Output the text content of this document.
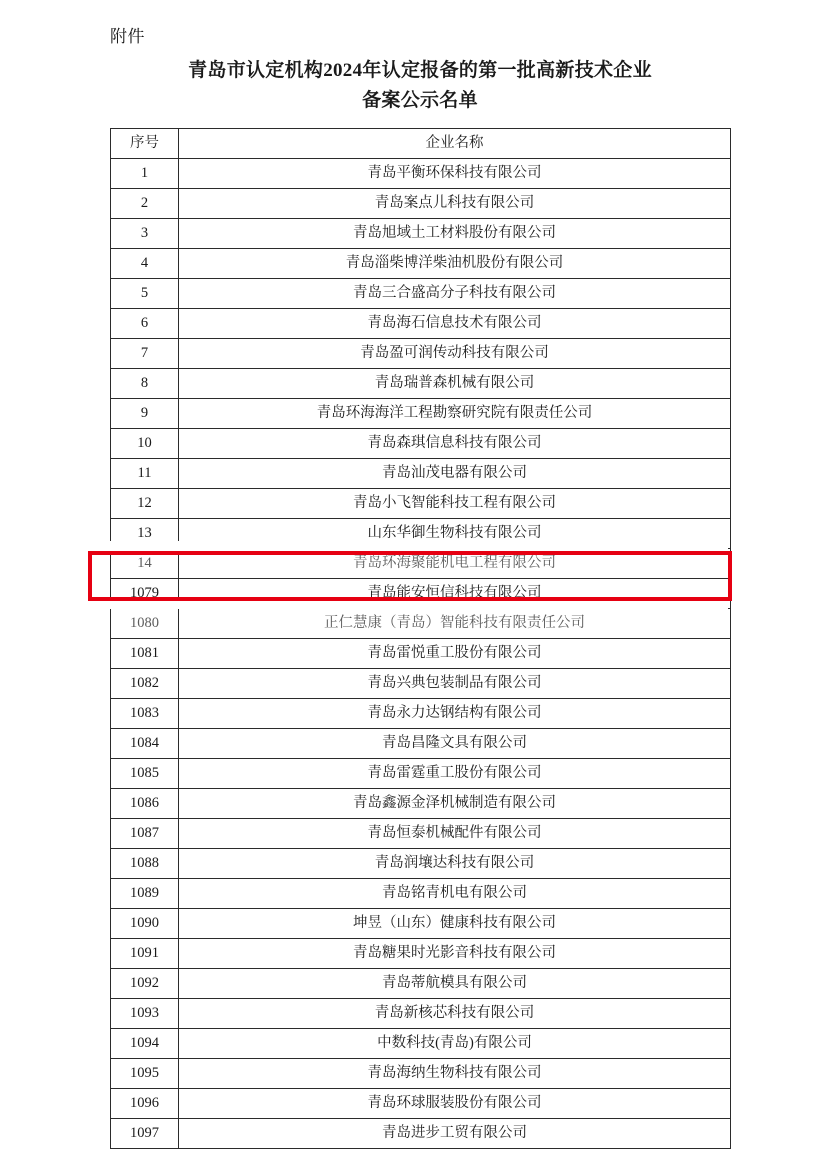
附件
青岛市认定机构2024年认定报备的第一批高新技术企业
备案公示名单
序号	企业名称
1	青岛平衡环保科技有限公司
2	青岛案点儿科技有限公司
3	青岛旭域土工材料股份有限公司
4	青岛淄柴博洋柴油机股份有限公司
5	青岛三合盛高分子科技有限公司
6	青岛海石信息技术有限公司
7	青岛盈可润传动科技有限公司
8	青岛瑞普森机械有限公司
9	青岛环海海洋工程勘察研究院有限责任公司
10	青岛森琪信息科技有限公司
11	青岛汕茂电器有限公司
12	青岛小飞智能科技工程有限公司
13	山东华御生物科技有限公司
14	青岛环海聚能机电工程有限公司
1079	青岛能安恒信科技有限公司
1080	正仁慧康（青岛）智能科技有限责任公司
1081	青岛雷悦重工股份有限公司
1082	青岛兴典包装制品有限公司
1083	青岛永力达钢结构有限公司
1084	青岛昌隆文具有限公司
1085	青岛雷霆重工股份有限公司
1086	青岛鑫源金泽机械制造有限公司
1087	青岛恒泰机械配件有限公司
1088	青岛润壤达科技有限公司
1089	青岛铭青机电有限公司
1090	坤昱（山东）健康科技有限公司
1091	青岛糖果时光影音科技有限公司
1092	青岛蒂航模具有限公司
1093	青岛新核芯科技有限公司
1094	中数科技(青岛)有限公司
1095	青岛海纳生物科技有限公司
1096	青岛环球服装股份有限公司
1097	青岛进步工贸有限公司
